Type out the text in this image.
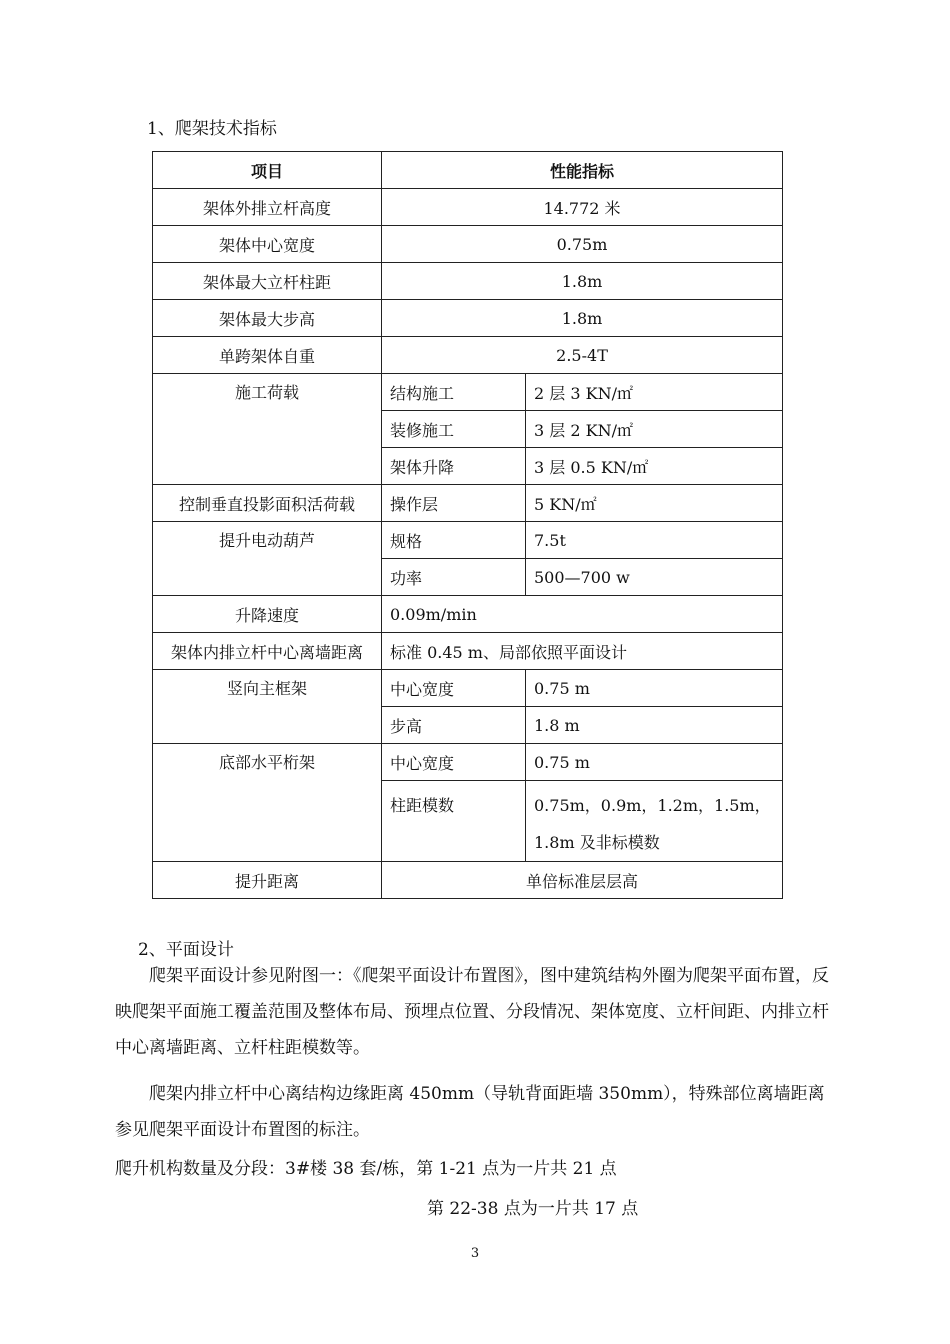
1、爬架技术指标
项目	性能指标	
架体外排立杆高度	14.772 米	
架体中心宽度	0.75m	
架体最大立杆柱距	1.8m	
架体最大步高	1.8m	
单跨架体自重	2.5-4T	
施工荷载	结构施工	2 层 3 KN/㎡
	装修施工	3 层 2 KN/㎡
	架体升降	3 层 0.5 KN/㎡
控制垂直投影面积活荷载	操作层	5 KN/㎡
提升电动葫芦	规格	7.5t
	功率	500—700 w
升降速度	0.09m/min	
架体内排立杆中心离墙距离	标准 0.45 m、局部依照平面设计	
竖向主框架	中心宽度	0.75 m
	步高	1.8 m
底部水平桁架	中心宽度	0.75 m
	柱距模数	0.75m，0.9m，1.2m，1.5m，1.8m 及非标模数
提升距离	单倍标准层层高	
2、平面设计

爬架平面设计参见附图一：《爬架平面设计布置图》，图中建筑结构外圈为爬架平面布置，反映爬架平面施工覆盖范围及整体布局、预埋点位置、分段情况、架体宽度、立杆间距、内排立杆中心离墙距离、立杆柱距模数等。

爬架内排立杆中心离结构边缘距离 450mm（导轨背面距墙 350mm），特殊部位离墙距离参见爬架平面设计布置图的标注。

爬升机构数量及分段：3#楼 38 套/栋，第 1-21 点为一片共 21 点
第 22-38 点为一片共 17 点
3
